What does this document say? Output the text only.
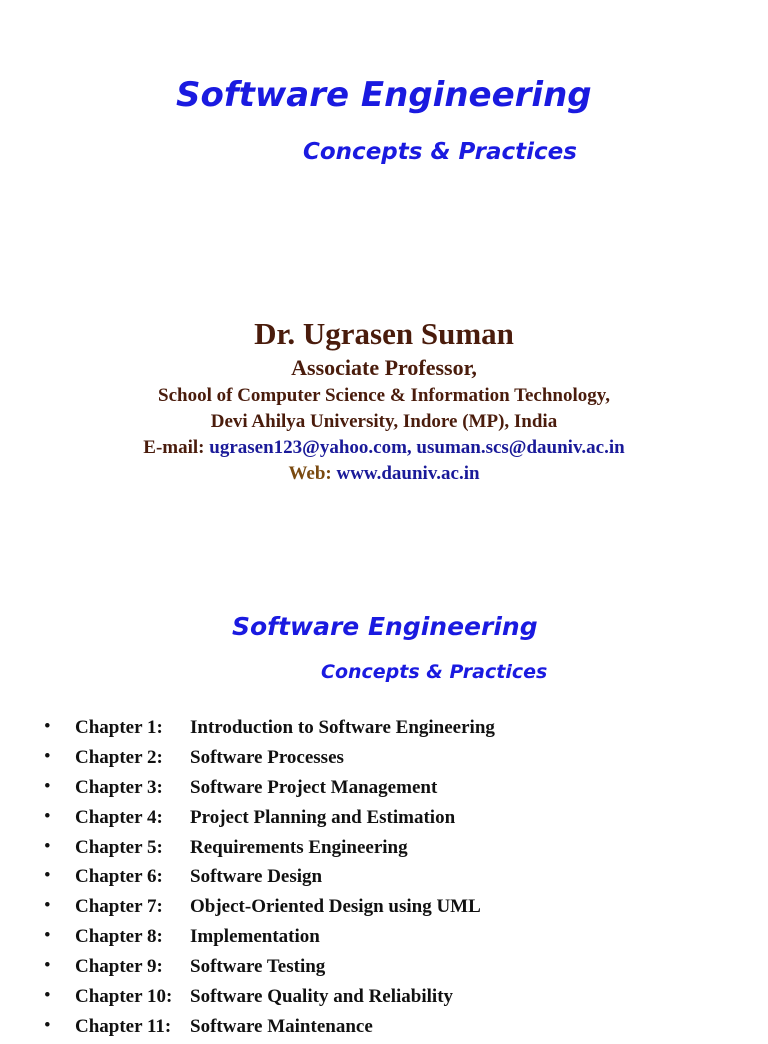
Software Engineering
Concepts & Practices
Dr. Ugrasen Suman
Associate Professor,
School of Computer Science & Information Technology,
Devi Ahilya University, Indore (MP), India
E-mail: ugrasen123@yahoo.com, usuman.scs@dauniv.ac.in
Web: www.dauniv.ac.in
Software Engineering
Concepts & Practices
• Chapter 1: Introduction to Software Engineering
• Chapter 2: Software Processes
• Chapter 3: Software Project Management
• Chapter 4: Project Planning and Estimation
• Chapter 5: Requirements Engineering
• Chapter 6: Software Design
• Chapter 7: Object-Oriented Design using UML
• Chapter 8: Implementation
• Chapter 9: Software Testing
• Chapter 10: Software Quality and Reliability
• Chapter 11: Software Maintenance
